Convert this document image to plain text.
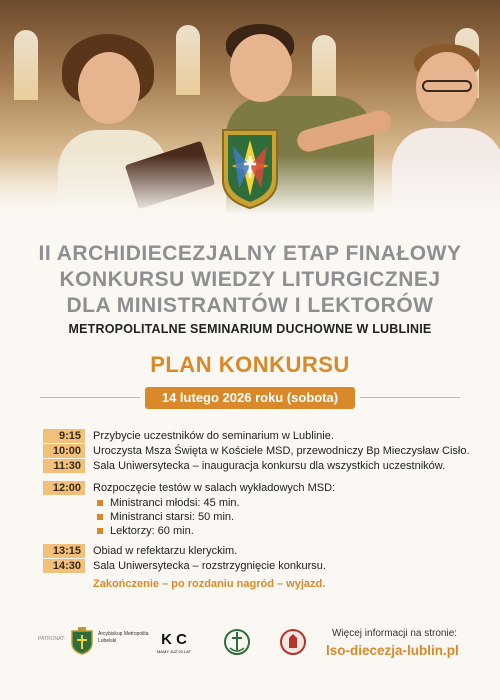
II ARCHIDIECEZJALNY ETAP FINAŁOWY
KONKURSU WIEDZY LITURGICZNEJ
DLA MINISTRANTÓW I LEKTORÓW
METROPOLITALNE SEMINARIUM DUCHOWNE W LUBLINIE
PLAN KONKURSU
14 lutego 2026 roku (sobota)
9:15	Przybycie uczestników do seminarium w Lublinie.
10:00	Uroczysta Msza Święta w Kościele MSD, przewodniczy Bp Mieczysław Cisło.
11:30	Sala Uniwersytecka – inauguracja konkursu dla wszystkich uczestników.
12:00	Rozpoczęcie testów w salach wykładowych MSD:
Ministranci młodsi: 45 min.
Ministranci starsi: 50 min.
Lektorzy: 60 min.
13:15	Obiad w refektarzu kleryckim.
14:30	Sala Uniwersytecka – rozstrzygnięcie konkursu.
Zakończenie – po rozdaniu nagród – wyjazd.
PATRONAT:
Arcybiskup Metropolita Lubelski	K C
MAMY JUŻ 20 LAT
Więcej informacji na stronie:
lso-diecezja-lublin.pl
